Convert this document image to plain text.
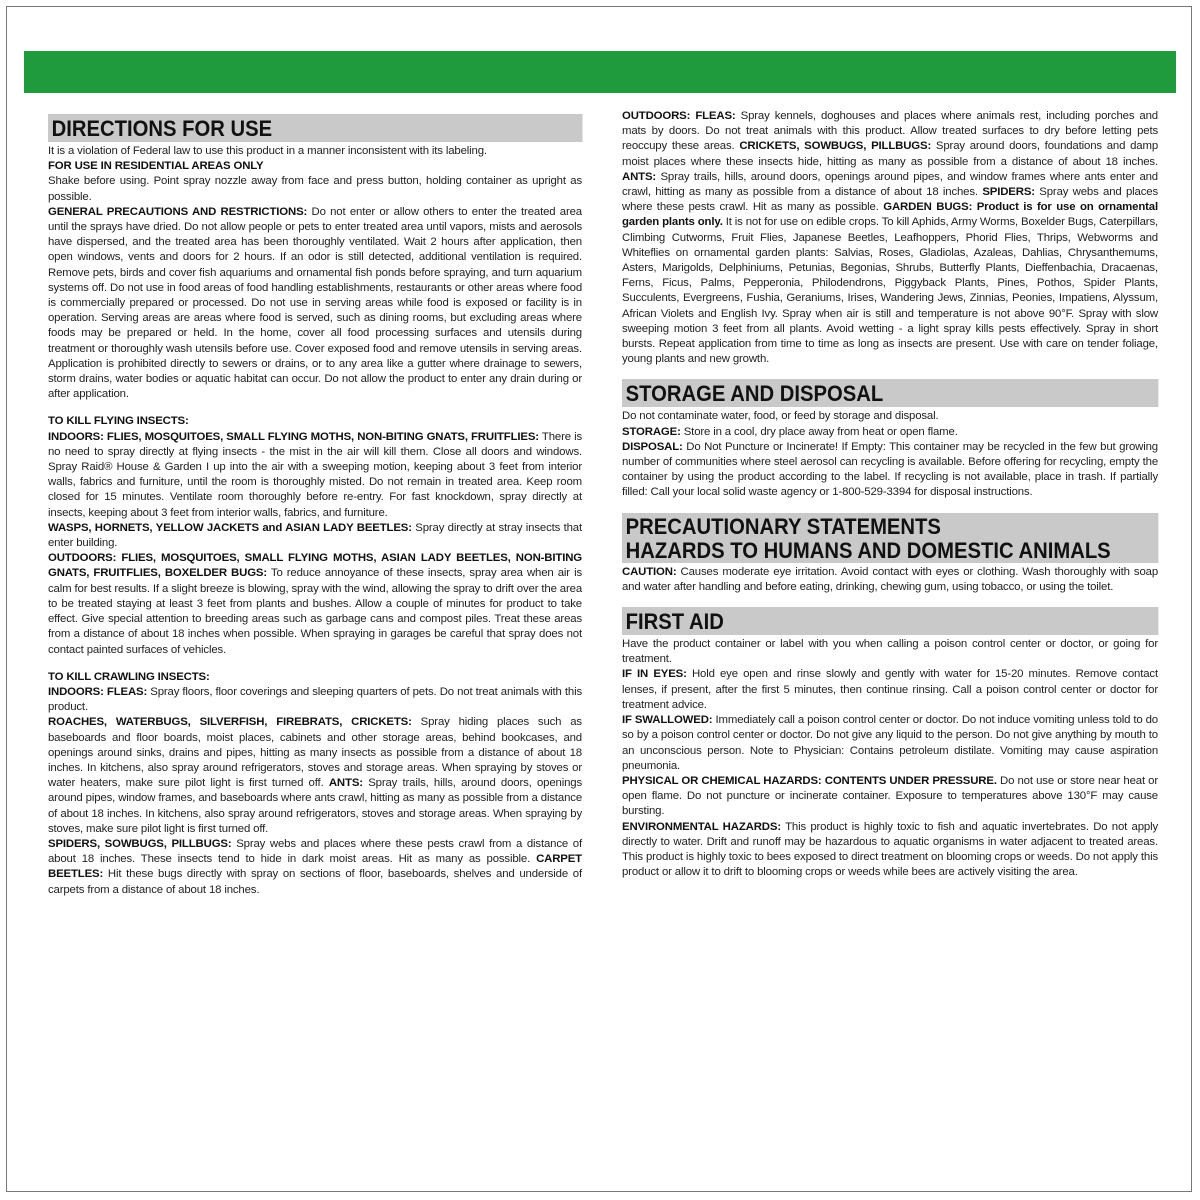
DIRECTIONS FOR USE

It is a violation of Federal law to use this product in a manner inconsistent with its labeling.

FOR USE IN RESIDENTIAL AREAS ONLY

Shake before using. Point spray nozzle away from face and press button, holding container as upright as possible.

GENERAL PRECAUTIONS AND RESTRICTIONS: Do not enter or allow others to enter the treated area until the sprays have dried. Do not allow people or pets to enter treated area until vapors, mists and aerosols have dispersed, and the treated area has been thoroughly ventilated. Wait 2 hours after application, then open windows, vents and doors for 2 hours. If an odor is still detected, additional ventilation is required. Remove pets, birds and cover fish aquariums and ornamental fish ponds before spraying, and turn aquarium systems off. Do not use in food areas of food handling establishments, restaurants or other areas where food is commercially prepared or processed. Do not use in serving areas while food is exposed or facility is in operation. Serving areas are areas where food is served, such as dining rooms, but excluding areas where foods may be prepared or held. In the home, cover all food processing surfaces and utensils during treatment or thoroughly wash utensils before use. Cover exposed food and remove utensils in serving areas. Application is prohibited directly to sewers or drains, or to any area like a gutter where drainage to sewers, storm drains, water bodies or aquatic habitat can occur. Do not allow the product to enter any drain during or after application.

TO KILL FLYING INSECTS:

INDOORS: FLIES, MOSQUITOES, SMALL FLYING MOTHS, NON-BITING GNATS, FRUITFLIES: There is no need to spray directly at flying insects - the mist in the air will kill them. Close all doors and windows. Spray Raid® House & Garden I up into the air with a sweeping motion, keeping about 3 feet from interior walls, fabrics and furniture, until the room is thoroughly misted. Do not remain in treated area. Keep room closed for 15 minutes. Ventilate room thoroughly before re-entry. For fast knockdown, spray directly at insects, keeping about 3 feet from interior walls, fabrics, and furniture.

WASPS, HORNETS, YELLOW JACKETS and ASIAN LADY BEETLES: Spray directly at stray insects that enter building.

OUTDOORS: FLIES, MOSQUITOES, SMALL FLYING MOTHS, ASIAN LADY BEETLES, NON-BITING GNATS, FRUITFLIES, BOXELDER BUGS: To reduce annoyance of these insects, spray area when air is calm for best results. If a slight breeze is blowing, spray with the wind, allowing the spray to drift over the area to be treated staying at least 3 feet from plants and bushes. Allow a couple of minutes for product to take effect. Give special attention to breeding areas such as garbage cans and compost piles. Treat these areas from a distance of about 18 inches when possible. When spraying in garages be careful that spray does not contact painted surfaces of vehicles.

TO KILL CRAWLING INSECTS:

INDOORS: FLEAS: Spray floors, floor coverings and sleeping quarters of pets. Do not treat animals with this product.

ROACHES, WATERBUGS, SILVERFISH, FIREBRATS, CRICKETS: Spray hiding places such as baseboards and floor boards, moist places, cabinets and other storage areas, behind bookcases, and openings around sinks, drains and pipes, hitting as many insects as possible from a distance of about 18 inches. In kitchens, also spray around refrigerators, stoves and storage areas. When spraying by stoves or water heaters, make sure pilot light is first turned off. ANTS: Spray trails, hills, around doors, openings around pipes, window frames, and baseboards where ants crawl, hitting as many as possible from a distance of about 18 inches. In kitchens, also spray around refrigerators, stoves and storage areas. When spraying by stoves, make sure pilot light is first turned off.

SPIDERS, SOWBUGS, PILLBUGS: Spray webs and places where these pests crawl from a distance of about 18 inches. These insects tend to hide in dark moist areas. Hit as many as possible. CARPET BEETLES: Hit these bugs directly with spray on sections of floor, baseboards, shelves and underside of carpets from a distance of about 18 inches.

OUTDOORS: FLEAS: Spray kennels, doghouses and places where animals rest, including porches and mats by doors. Do not treat animals with this product. Allow treated surfaces to dry before letting pets reoccupy these areas. CRICKETS, SOWBUGS, PILLBUGS: Spray around doors, foundations and damp moist places where these insects hide, hitting as many as possible from a distance of about 18 inches. ANTS: Spray trails, hills, around doors, openings around pipes, and window frames where ants enter and crawl, hitting as many as possible from a distance of about 18 inches. SPIDERS: Spray webs and places where these pests crawl. Hit as many as possible. GARDEN BUGS: Product is for use on ornamental garden plants only. It is not for use on edible crops. To kill Aphids, Army Worms, Boxelder Bugs, Caterpillars, Climbing Cutworms, Fruit Flies, Japanese Beetles, Leafhoppers, Phorid Flies, Thrips, Webworms and Whiteflies on ornamental garden plants: Salvias, Roses, Gladiolas, Azaleas, Dahlias, Chrysanthemums, Asters, Marigolds, Delphiniums, Petunias, Begonias, Shrubs, Butterfly Plants, Dieffenbachia, Dracaenas, Ferns, Ficus, Palms, Pepperonia, Philodendrons, Piggyback Plants, Pines, Pothos, Spider Plants, Succulents, Evergreens, Fushia, Geraniums, Irises, Wandering Jews, Zinnias, Peonies, Impatiens, Alyssum, African Violets and English Ivy. Spray when air is still and temperature is not above 90°F. Spray with slow sweeping motion 3 feet from all plants. Avoid wetting - a light spray kills pests effectively. Spray in short bursts. Repeat application from time to time as long as insects are present. Use with care on tender foliage, young plants and new growth.

STORAGE AND DISPOSAL

Do not contaminate water, food, or feed by storage and disposal.

STORAGE: Store in a cool, dry place away from heat or open flame.

DISPOSAL: Do Not Puncture or Incinerate! If Empty: This container may be recycled in the few but growing number of communities where steel aerosol can recycling is available. Before offering for recycling, empty the container by using the product according to the label. If recycling is not available, place in trash. If partially filled: Call your local solid waste agency or 1-800-529-3394 for disposal instructions.

PRECAUTIONARY STATEMENTS
HAZARDS TO HUMANS AND DOMESTIC ANIMALS

CAUTION: Causes moderate eye irritation. Avoid contact with eyes or clothing. Wash thoroughly with soap and water after handling and before eating, drinking, chewing gum, using tobacco, or using the toilet.

FIRST AID

Have the product container or label with you when calling a poison control center or doctor, or going for treatment.

IF IN EYES: Hold eye open and rinse slowly and gently with water for 15-20 minutes. Remove contact lenses, if present, after the first 5 minutes, then continue rinsing. Call a poison control center or doctor for treatment advice.

IF SWALLOWED: Immediately call a poison control center or doctor. Do not induce vomiting unless told to do so by a poison control center or doctor. Do not give any liquid to the person. Do not give anything by mouth to an unconscious person. Note to Physician: Contains petroleum distilate. Vomiting may cause aspiration pneumonia.

PHYSICAL OR CHEMICAL HAZARDS: CONTENTS UNDER PRESSURE. Do not use or store near heat or open flame. Do not puncture or incinerate container. Exposure to temperatures above 130°F may cause bursting.

ENVIRONMENTAL HAZARDS: This product is highly toxic to fish and aquatic invertebrates. Do not apply directly to water. Drift and runoff may be hazardous to aquatic organisms in water adjacent to treated areas. This product is highly toxic to bees exposed to direct treatment on blooming crops or weeds. Do not apply this product or allow it to drift to blooming crops or weeds while bees are actively visiting the area.
